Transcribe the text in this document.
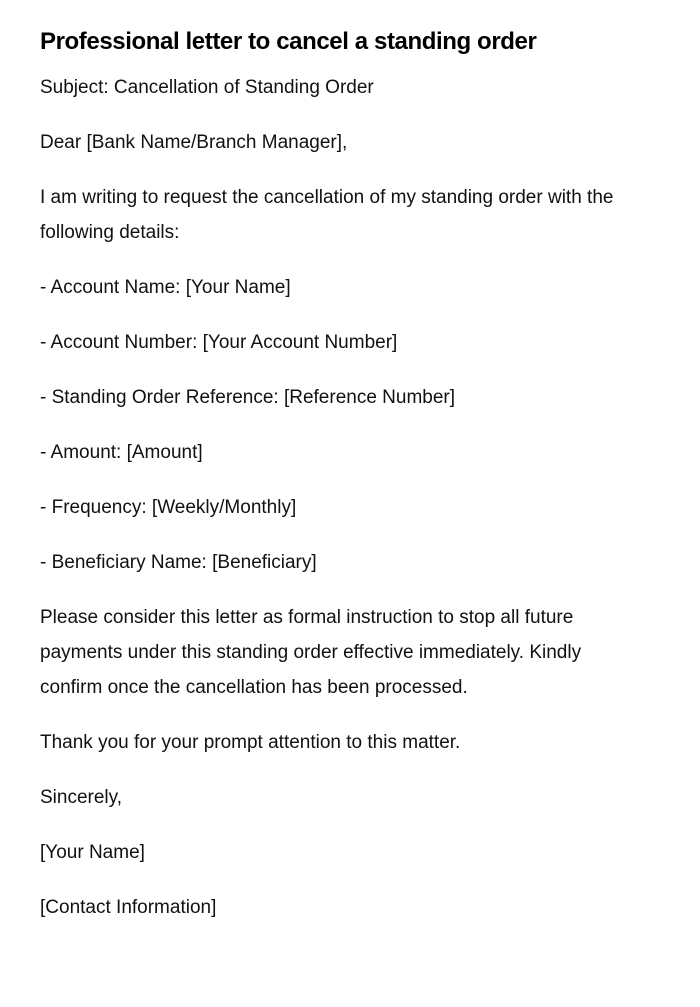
Professional letter to cancel a standing order

Subject: Cancellation of Standing Order

Dear [Bank Name/Branch Manager],

I am writing to request the cancellation of my standing order with the following details:

- Account Name: [Your Name]

- Account Number: [Your Account Number]

- Standing Order Reference: [Reference Number]

- Amount: [Amount]

- Frequency: [Weekly/Monthly]

- Beneficiary Name: [Beneficiary]

Please consider this letter as formal instruction to stop all future payments under this standing order effective immediately. Kindly confirm once the cancellation has been processed.

Thank you for your prompt attention to this matter.

Sincerely,

[Your Name]

[Contact Information]
